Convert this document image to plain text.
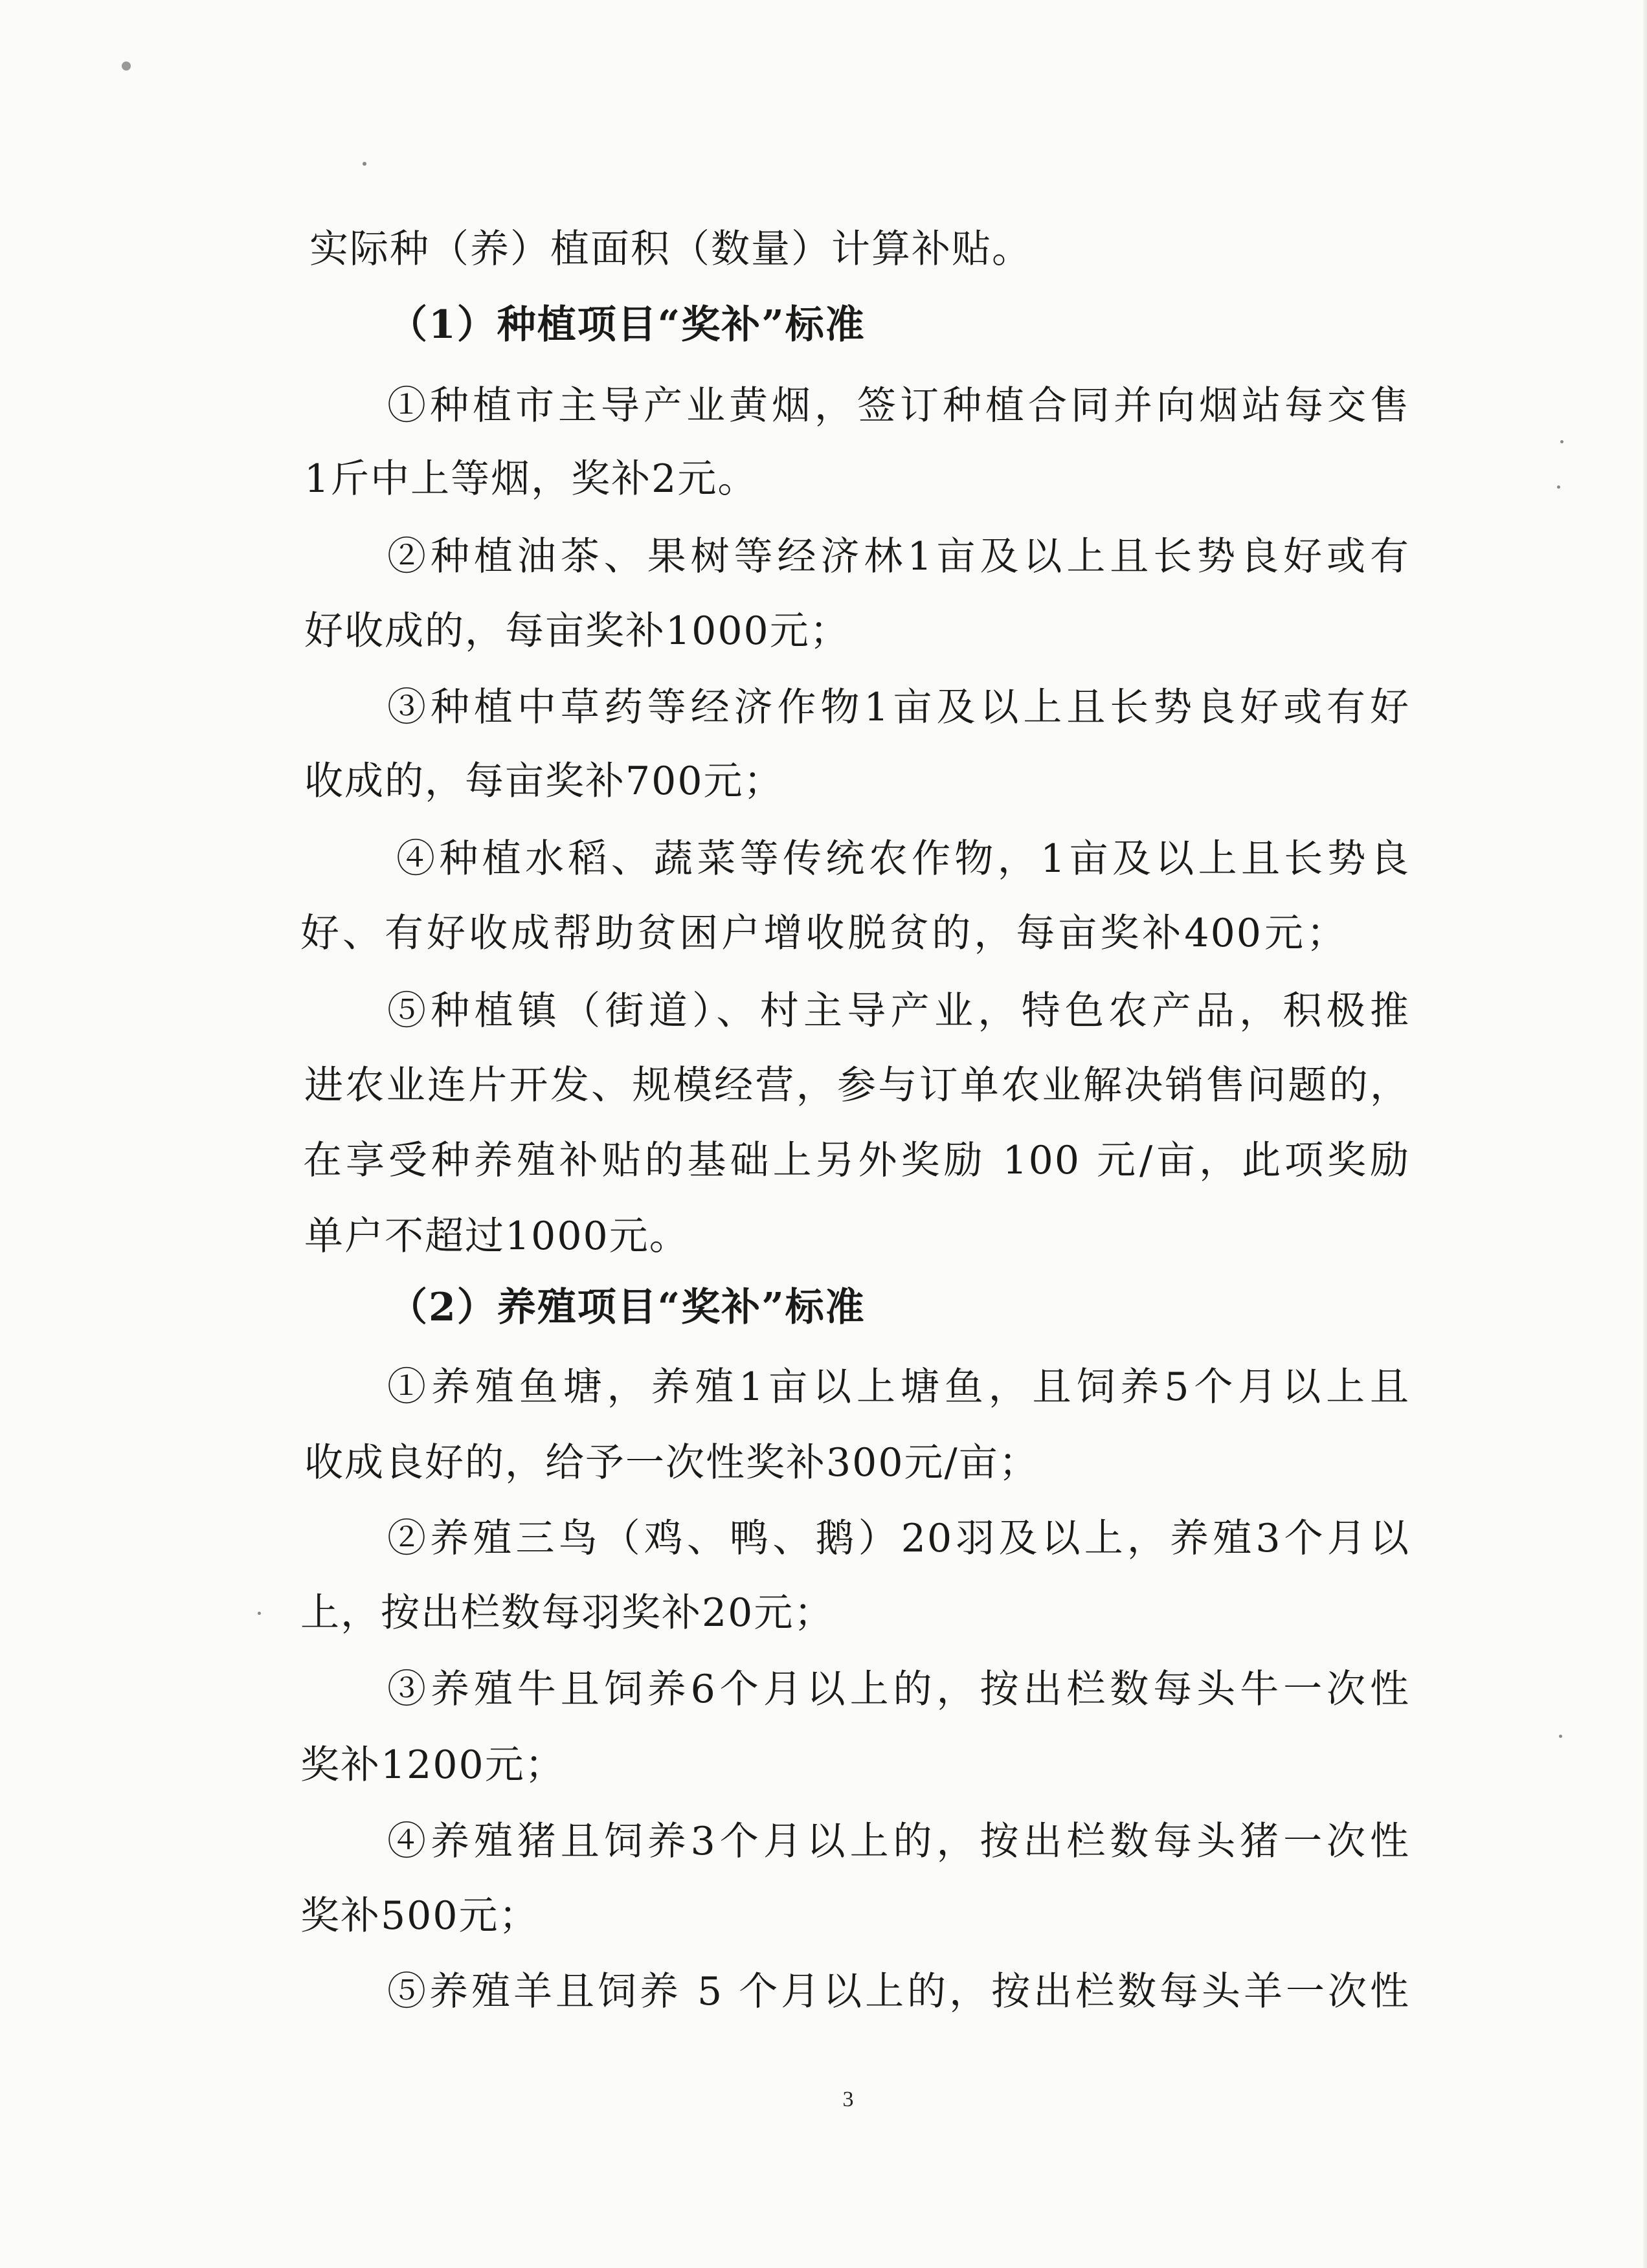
实际种（养）植面积（数量）计算补贴。
（1）种植项目“奖补”标准
①种植市主导产业黄烟，签订种植合同并向烟站每交售
1斤中上等烟，奖补2元。
②种植油茶、果树等经济林1亩及以上且长势良好或有
好收成的，每亩奖补1000元；
③种植中草药等经济作物1亩及以上且长势良好或有好
收成的，每亩奖补700元；
④种植水稻、蔬菜等传统农作物，1亩及以上且长势良
好、有好收成帮助贫困户增收脱贫的，每亩奖补400元；
⑤种植镇（街道）、村主导产业，特色农产品，积极推
进农业连片开发、规模经营，参与订单农业解决销售问题的，
在享受种养殖补贴的基础上另外奖励 100 元/亩，此项奖励
单户不超过1000元。
（2）养殖项目“奖补”标准
①养殖鱼塘，养殖1亩以上塘鱼，且饲养5个月以上且
收成良好的，给予一次性奖补300元/亩；
②养殖三鸟（鸡、鸭、鹅）20羽及以上，养殖3个月以
上，按出栏数每羽奖补20元；
③养殖牛且饲养6个月以上的，按出栏数每头牛一次性
奖补1200元；
④养殖猪且饲养3个月以上的，按出栏数每头猪一次性
奖补500元；
⑤养殖羊且饲养 5 个月以上的，按出栏数每头羊一次性
3
